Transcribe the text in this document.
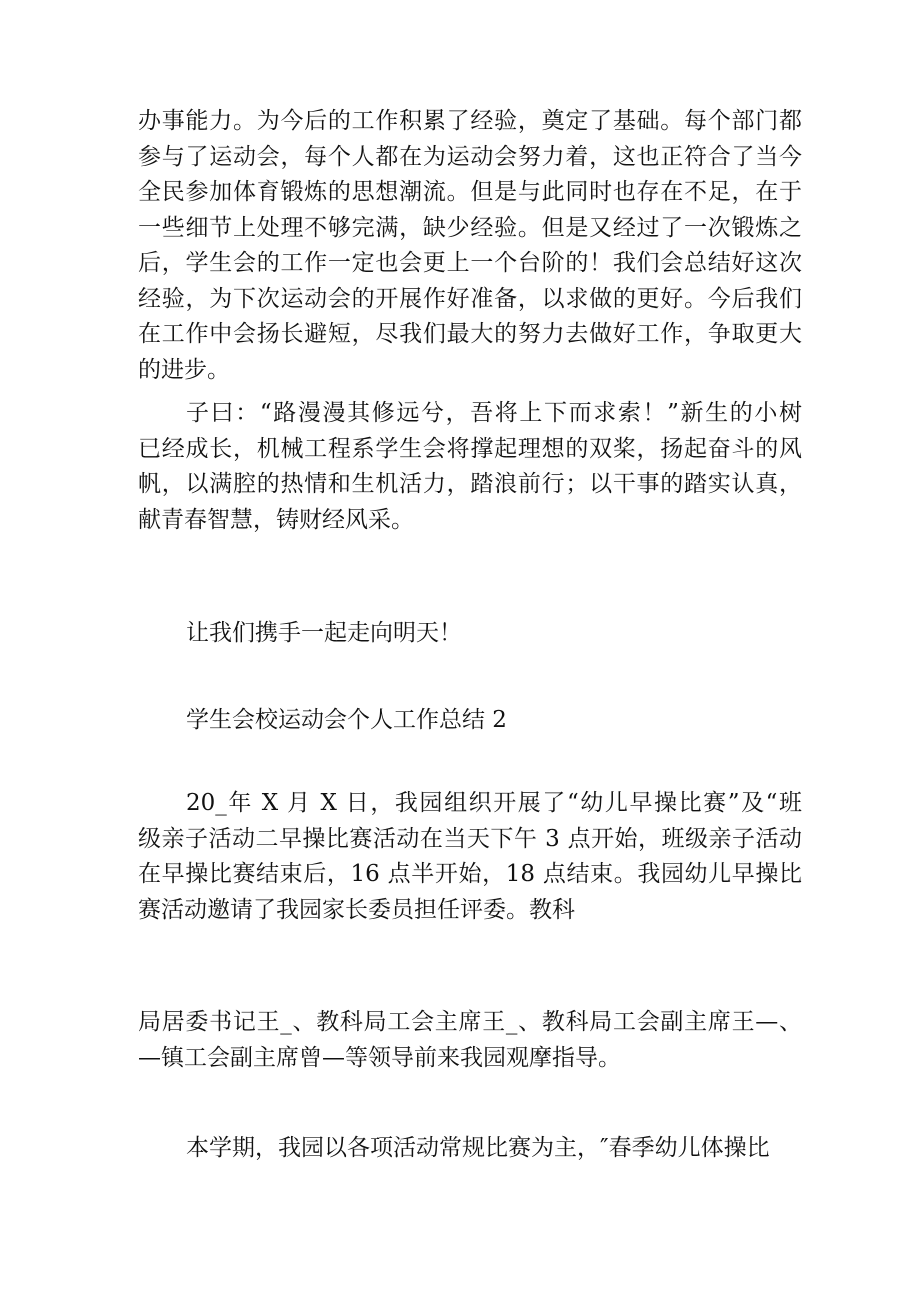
办事能力。为今后的工作积累了经验，奠定了基础。每个部门都
参与了运动会，每个人都在为运动会努力着，这也正符合了当今
全民参加体育锻炼的思想潮流。但是与此同时也存在不足，在于
一些细节上处理不够完满，缺少经验。但是又经过了一次锻炼之
后，学生会的工作一定也会更上一个台阶的！我们会总结好这次
经验，为下次运动会的开展作好准备，以求做的更好。今后我们
在工作中会扬长避短，尽我们最大的努力去做好工作，争取更大
的进步。
子曰：“路漫漫其修远兮，吾将上下而求索！”新生的小树
已经成长，机械工程系学生会将撑起理想的双桨，扬起奋斗的风
帆，以满腔的热情和生机活力，踏浪前行；以干事的踏实认真，
献青春智慧，铸财经风采。
让我们携手一起走向明天！
学生会校运动会个人工作总结 2
20_年 X 月 X 日，我园组织开展了“幼儿早操比赛”及“班
级亲子活动二早操比赛活动在当天下午 3 点开始，班级亲子活动
在早操比赛结束后，16 点半开始，18 点结束。我园幼儿早操比
赛活动邀请了我园家长委员担任评委。教科
局居委书记王_、教科局工会主席王_、教科局工会副主席王—、
—镇工会副主席曾—等领导前来我园观摩指导。
本学期，我园以各项活动常规比赛为主，″春季幼儿体操比
